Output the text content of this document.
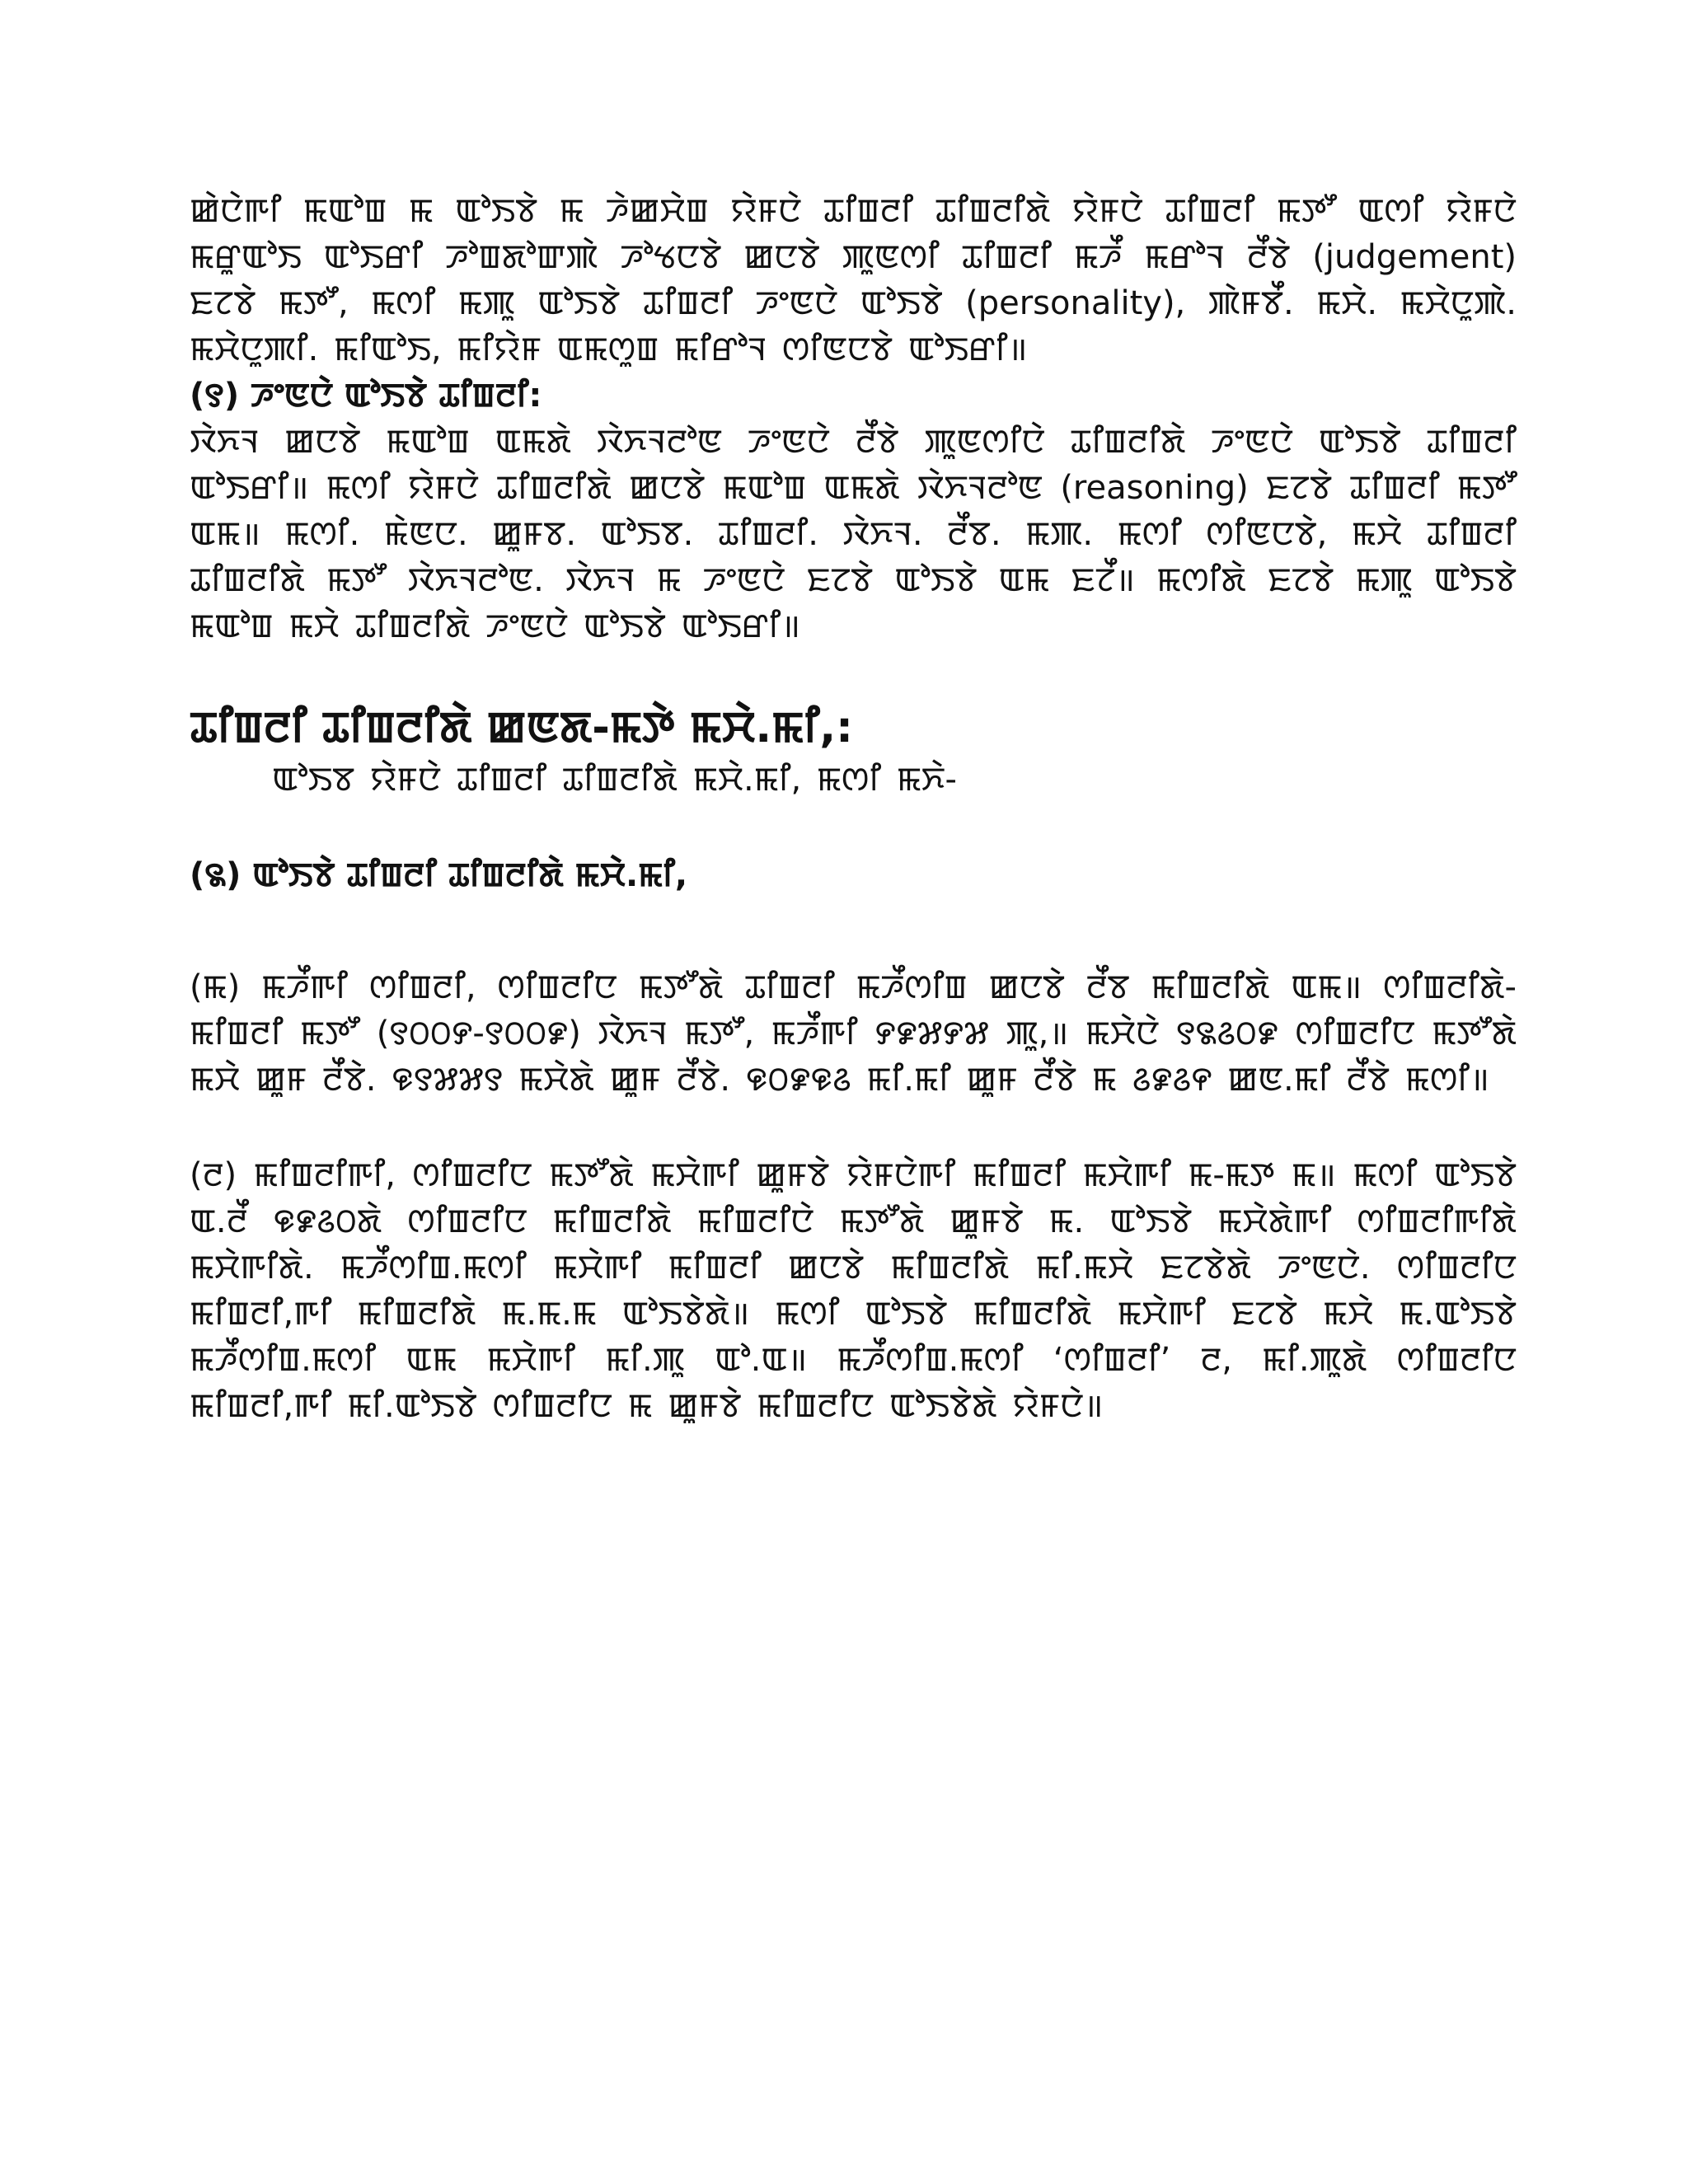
ꯀꯥꯅꯥꯒꯤ ꯃꯑꯣꯡ ꯃ ꯑꯣꯏꯕꯥ ꯃ ꯍꯥꯀꯆꯥꯡ ꯌꯥꯝꯅꯥ ꯊꯤꯡꯂꯤ ꯊꯤꯡꯂꯤꯗꯥ ꯌꯥꯝꯅꯥ ꯊꯤꯡꯂꯤ ꯃꯇꯧ ꯑꯁꯤ ꯌꯥꯝꯅꯥ ꯃꯔꯨꯑꯣꯏ ꯑꯣꯏꯔꯤ ꯍꯣꯡꯗꯣꯛꯄꯥ ꯍꯣꯠꯅꯕꯥ ꯀꯅꯕꯥ ꯄꯨꯟꯁꯤ ꯊꯤꯡꯂꯤ ꯃꯍꯩ ꯃꯔꯣꯜ ꯂꯩꯕꯥ (judgement) ꯐꯖꯕꯥ ꯃꯇꯧ, ꯃꯁꯤ ꯃꯄꯨ ꯑꯣꯏꯕꯥ ꯊꯤꯡꯂꯤ ꯍꯦꯟꯅꯥ ꯑꯣꯏꯕꯥ (personality), ꯄꯥꯝꯕꯩ. ꯃꯆꯥ. ꯃꯆꯥꯅꯨꯄꯥ. ꯃꯆꯥꯅꯨꯄꯤ. ꯃꯤꯑꯣꯏ, ꯃꯤꯌꯥꯝ ꯑꯃꯁꯨꯡ ꯃꯤꯔꯣꯜ ꯁꯤꯟꯅꯕꯥ ꯑꯣꯏꯔꯤ॥

(꯱) ꯍꯦꯟꯅꯥ ꯑꯣꯏꯕꯥ ꯊꯤꯡꯂꯤ:

ꯋꯥꯈꯜ ꯀꯅꯕꯥ ꯃꯑꯣꯡ ꯑꯃꯗꯥ ꯋꯥꯈꯜꯂꯣꯟ ꯍꯦꯟꯅꯥ ꯂꯩꯕꯥ ꯄꯨꯟꯁꯤꯅꯥ ꯊꯤꯡꯂꯤꯗꯥ ꯍꯦꯟꯅꯥ ꯑꯣꯏꯕꯥ ꯊꯤꯡꯂꯤ ꯑꯣꯏꯔꯤ॥ ꯃꯁꯤ ꯌꯥꯝꯅꯥ ꯊꯤꯡꯂꯤꯗꯥ ꯀꯅꯕꯥ ꯃꯑꯣꯡ ꯑꯃꯗꯥ ꯋꯥꯈꯜꯂꯣꯟ (reasoning) ꯐꯖꯕꯥ ꯊꯤꯡꯂꯤ ꯃꯇꯧ ꯑꯃ॥ ꯃꯁꯤ. ꯃꯥꯟꯅ. ꯀꯨꯝꯕ. ꯑꯣꯏꯕ. ꯊꯤꯡꯂꯤ. ꯋꯥꯈꯜ. ꯂꯩꯕ. ꯃꯄ. ꯃꯁꯤ ꯁꯤꯟꯅꯕꯥ, ꯃꯆꯥ ꯊꯤꯡꯂꯤ ꯊꯤꯡꯂꯤꯗꯥ ꯃꯇꯧ ꯋꯥꯈꯜꯂꯣꯟ. ꯋꯥꯈꯜ ꯃ ꯍꯦꯟꯅꯥ ꯐꯖꯕꯥ ꯑꯣꯏꯕꯥ ꯑꯃ ꯐꯖꯩ॥ ꯃꯁꯤꯗꯥ ꯐꯖꯕꯥ ꯃꯄꯨ ꯑꯣꯏꯕꯥ ꯃꯑꯣꯡ ꯃꯆꯥ ꯊꯤꯡꯂꯤꯗꯥ ꯍꯦꯟꯅꯥ ꯑꯣꯏꯕꯥ ꯑꯣꯏꯔꯤ॥

ꯊꯤꯡꯂꯤ ꯊꯤꯡꯂꯤꯗꯥ ꯀꯟꯗ-ꯃꯇꯥ ꯃꯆꯥ.ꯃꯤ,:

ꯑꯣꯏꯕ ꯌꯥꯝꯅꯥ ꯊꯤꯡꯂꯤ ꯊꯤꯡꯂꯤꯗꯥ ꯃꯆꯥ.ꯃꯤ, ꯃꯁꯤ ꯃꯈꯥ-

(꯲) ꯑꯣꯏꯕꯥ ꯊꯤꯡꯂꯤ ꯊꯤꯡꯂꯤꯗꯥ ꯃꯆꯥ.ꯃꯤ,

(ꯃ) ꯃꯍꯩꯒꯤ ꯁꯤꯡꯂꯤ, ꯁꯤꯡꯂꯤꯅ ꯃꯇꯧꯗꯥ ꯊꯤꯡꯂꯤ ꯃꯍꯩꯁꯤꯡ ꯀꯅꯕꯥ ꯂꯩꯕ ꯃꯤꯡꯂꯤꯗꯥ ꯑꯃ॥ ꯁꯤꯡꯂꯤꯗꯥ-ꯃꯤꯡꯂꯤ ꯃꯇꯧ (꯱꯰꯰꯸-꯱꯰꯰꯹) ꯋꯥꯈꯜ ꯃꯇꯧ, ꯃꯍꯩꯒꯤ ꯸꯹꯷꯸꯷ ꯄꯨ,॥ ꯃꯆꯥꯅꯥ ꯱꯲꯴꯰꯹ ꯁꯤꯡꯂꯤꯅ ꯃꯇꯧꯗꯥ ꯃꯆꯥ ꯀꯨꯝ ꯂꯩꯕꯥ. ꯶꯱꯷꯷꯱ ꯃꯆꯥꯗꯥ ꯀꯨꯝ ꯂꯩꯕꯥ. ꯶꯰꯹꯶꯴ ꯃꯤ.ꯃꯤ ꯀꯨꯝ ꯂꯩꯕꯥ ꯃ ꯴꯹꯴꯵ ꯀꯟ.ꯃꯤ ꯂꯩꯕꯥ ꯃꯁꯤ॥

(ꯂ) ꯃꯤꯡꯂꯤꯒꯤ, ꯁꯤꯡꯂꯤꯅ ꯃꯇꯧꯗꯥ ꯃꯆꯥꯒꯤ ꯀꯨꯝꯕꯥ ꯌꯥꯝꯅꯥꯒꯤ ꯃꯤꯡꯂꯤ ꯃꯆꯥꯒꯤ ꯃ-ꯃꯇ ꯃ॥ ꯃꯁꯤ ꯑꯣꯏꯕꯥ ꯑ.ꯂꯩ ꯶꯹꯴꯰ꯗꯥ ꯁꯤꯡꯂꯤꯅ ꯃꯤꯡꯂꯤꯗꯥ ꯃꯤꯡꯂꯤꯅꯥ ꯃꯇꯧꯗꯥ ꯀꯨꯝꯕꯥ ꯃ. ꯑꯣꯏꯕꯥ ꯃꯆꯥꯗꯥꯒꯤ ꯁꯤꯡꯂꯤꯒꯤꯗꯥ ꯃꯆꯥꯒꯤꯗꯥ. ꯃꯍꯩꯁꯤꯡ.ꯃꯁꯤ ꯃꯆꯥꯒꯤ ꯃꯤꯡꯂꯤ ꯀꯅꯕꯥ ꯃꯤꯡꯂꯤꯗꯥ ꯃꯤ.ꯃꯆꯥ ꯐꯖꯕꯥꯗꯥ ꯍꯦꯟꯅꯥ. ꯁꯤꯡꯂꯤꯅ ꯃꯤꯡꯂꯤ,ꯒꯤ ꯃꯤꯡꯂꯤꯗꯥ ꯃ.ꯃ.ꯃ ꯑꯣꯏꯕꯥꯗꯥ॥ ꯃꯁꯤ ꯑꯣꯏꯕꯥ ꯃꯤꯡꯂꯤꯗꯥ ꯃꯆꯥꯒꯤ ꯐꯖꯕꯥ ꯃꯆꯥ ꯃ.ꯑꯣꯏꯕꯥ ꯃꯍꯩꯁꯤꯡ.ꯃꯁꯤ ꯑꯃ ꯃꯆꯥꯒꯤ ꯃꯤ.ꯄꯨ ꯑꯣ.ꯑ॥ ꯃꯍꯩꯁꯤꯡ.ꯃꯁꯤ ‘ꯁꯤꯡꯂꯤ’ ꯂ, ꯃꯤ.ꯄꯨꯗꯥ ꯁꯤꯡꯂꯤꯅ ꯃꯤꯡꯂꯤ,ꯒꯤ ꯃꯤ.ꯑꯣꯏꯕꯥ ꯁꯤꯡꯂꯤꯅ ꯃ ꯀꯨꯝꯕꯥ ꯃꯤꯡꯂꯤꯅ ꯑꯣꯏꯕꯥꯗꯥ ꯌꯥꯝꯅꯥ॥
